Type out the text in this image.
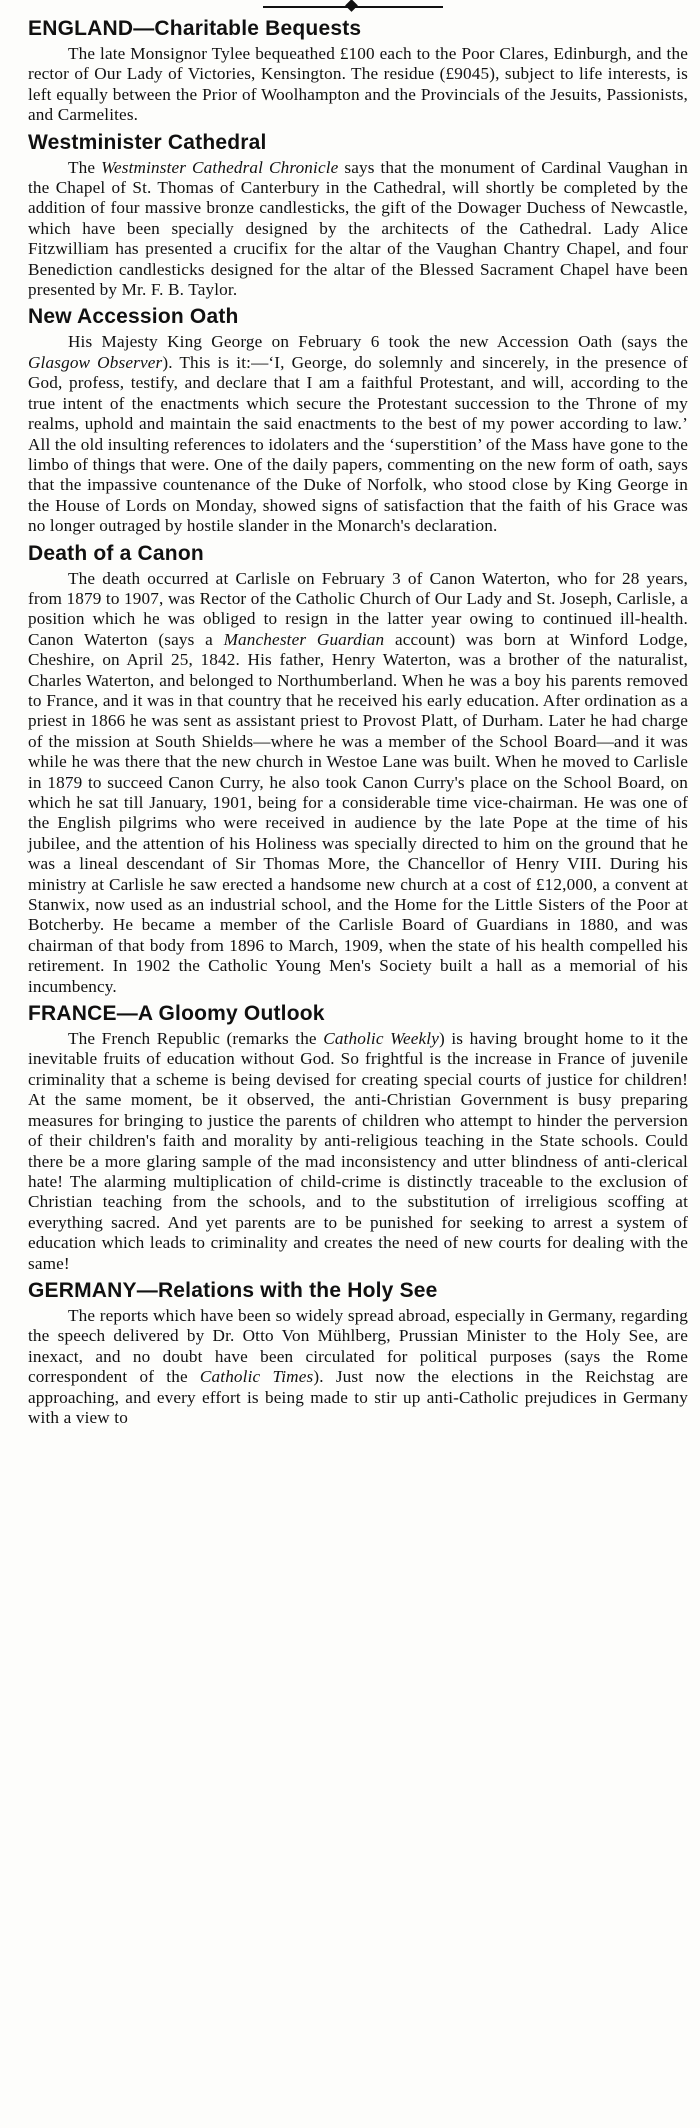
ENGLAND—Charitable Bequests

The late Monsignor Tylee bequeathed £100 each to the Poor Clares, Edinburgh, and the rector of Our Lady of Victories, Kensington. The residue (£9045), subject to life interests, is left equally between the Prior of Woolhampton and the Provincials of the Jesuits, Passionists, and Carmelites.

Westminister Cathedral

The Westminster Cathedral Chronicle says that the monument of Cardinal Vaughan in the Chapel of St. Thomas of Canterbury in the Cathedral, will shortly be completed by the addition of four massive bronze candlesticks, the gift of the Dowager Duchess of Newcastle, which have been specially designed by the architects of the Cathedral. Lady Alice Fitzwilliam has presented a crucifix for the altar of the Vaughan Chantry Chapel, and four Benediction candlesticks designed for the altar of the Blessed Sacrament Chapel have been presented by Mr. F. B. Taylor.

New Accession Oath

His Majesty King George on February 6 took the new Accession Oath (says the Glasgow Observer). This is it:—‘I, George, do solemnly and sincerely, in the presence of God, profess, testify, and declare that I am a faithful Protestant, and will, according to the true intent of the enactments which secure the Protestant succession to the Throne of my realms, uphold and maintain the said enactments to the best of my power according to law.’ All the old insulting references to idolaters and the ‘superstition’ of the Mass have gone to the limbo of things that were. One of the daily papers, commenting on the new form of oath, says that the impassive countenance of the Duke of Norfolk, who stood close by King George in the House of Lords on Monday, showed signs of satisfaction that the faith of his Grace was no longer outraged by hostile slander in the Monarch's declaration.

Death of a Canon

The death occurred at Carlisle on February 3 of Canon Waterton, who for 28 years, from 1879 to 1907, was Rector of the Catholic Church of Our Lady and St. Joseph, Carlisle, a position which he was obliged to resign in the latter year owing to continued ill-health. Canon Waterton (says a Manchester Guardian account) was born at Winford Lodge, Cheshire, on April 25, 1842. His father, Henry Waterton, was a brother of the naturalist, Charles Waterton, and belonged to Northumberland. When he was a boy his parents removed to France, and it was in that country that he received his early education. After ordination as a priest in 1866 he was sent as assistant priest to Provost Platt, of Durham. Later he had charge of the mission at South Shields—where he was a member of the School Board—and it was while he was there that the new church in Westoe Lane was built. When he moved to Carlisle in 1879 to succeed Canon Curry, he also took Canon Curry's place on the School Board, on which he sat till January, 1901, being for a considerable time vice-chairman. He was one of the English pilgrims who were received in audience by the late Pope at the time of his jubilee, and the attention of his Holiness was specially directed to him on the ground that he was a lineal descendant of Sir Thomas More, the Chancellor of Henry VIII. During his ministry at Carlisle he saw erected a handsome new church at a cost of £12,000, a convent at Stanwix, now used as an industrial school, and the Home for the Little Sisters of the Poor at Botcherby. He became a member of the Carlisle Board of Guardians in 1880, and was chairman of that body from 1896 to March, 1909, when the state of his health compelled his retirement. In 1902 the Catholic Young Men's Society built a hall as a memorial of his incumbency.

FRANCE—A Gloomy Outlook

The French Republic (remarks the Catholic Weekly) is having brought home to it the inevitable fruits of education without God. So frightful is the increase in France of juvenile criminality that a scheme is being devised for creating special courts of justice for children! At the same moment, be it observed, the anti-Christian Government is busy preparing measures for bringing to justice the parents of children who attempt to hinder the perversion of their children's faith and morality by anti-religious teaching in the State schools. Could there be a more glaring sample of the mad inconsistency and utter blindness of anti-clerical hate! The alarming multiplication of child-crime is distinctly traceable to the exclusion of Christian teaching from the schools, and to the substitution of irreligious scoffing at everything sacred. And yet parents are to be punished for seeking to arrest a system of education which leads to criminality and creates the need of new courts for dealing with the same!

GERMANY—Relations with the Holy See

The reports which have been so widely spread abroad, especially in Germany, regarding the speech delivered by Dr. Otto Von Mühlberg, Prussian Minister to the Holy See, are inexact, and no doubt have been circulated for political purposes (says the Rome correspondent of the Catholic Times). Just now the elections in the Reichstag are approaching, and every effort is being made to stir up anti-Catholic prejudices in Germany with a view to
